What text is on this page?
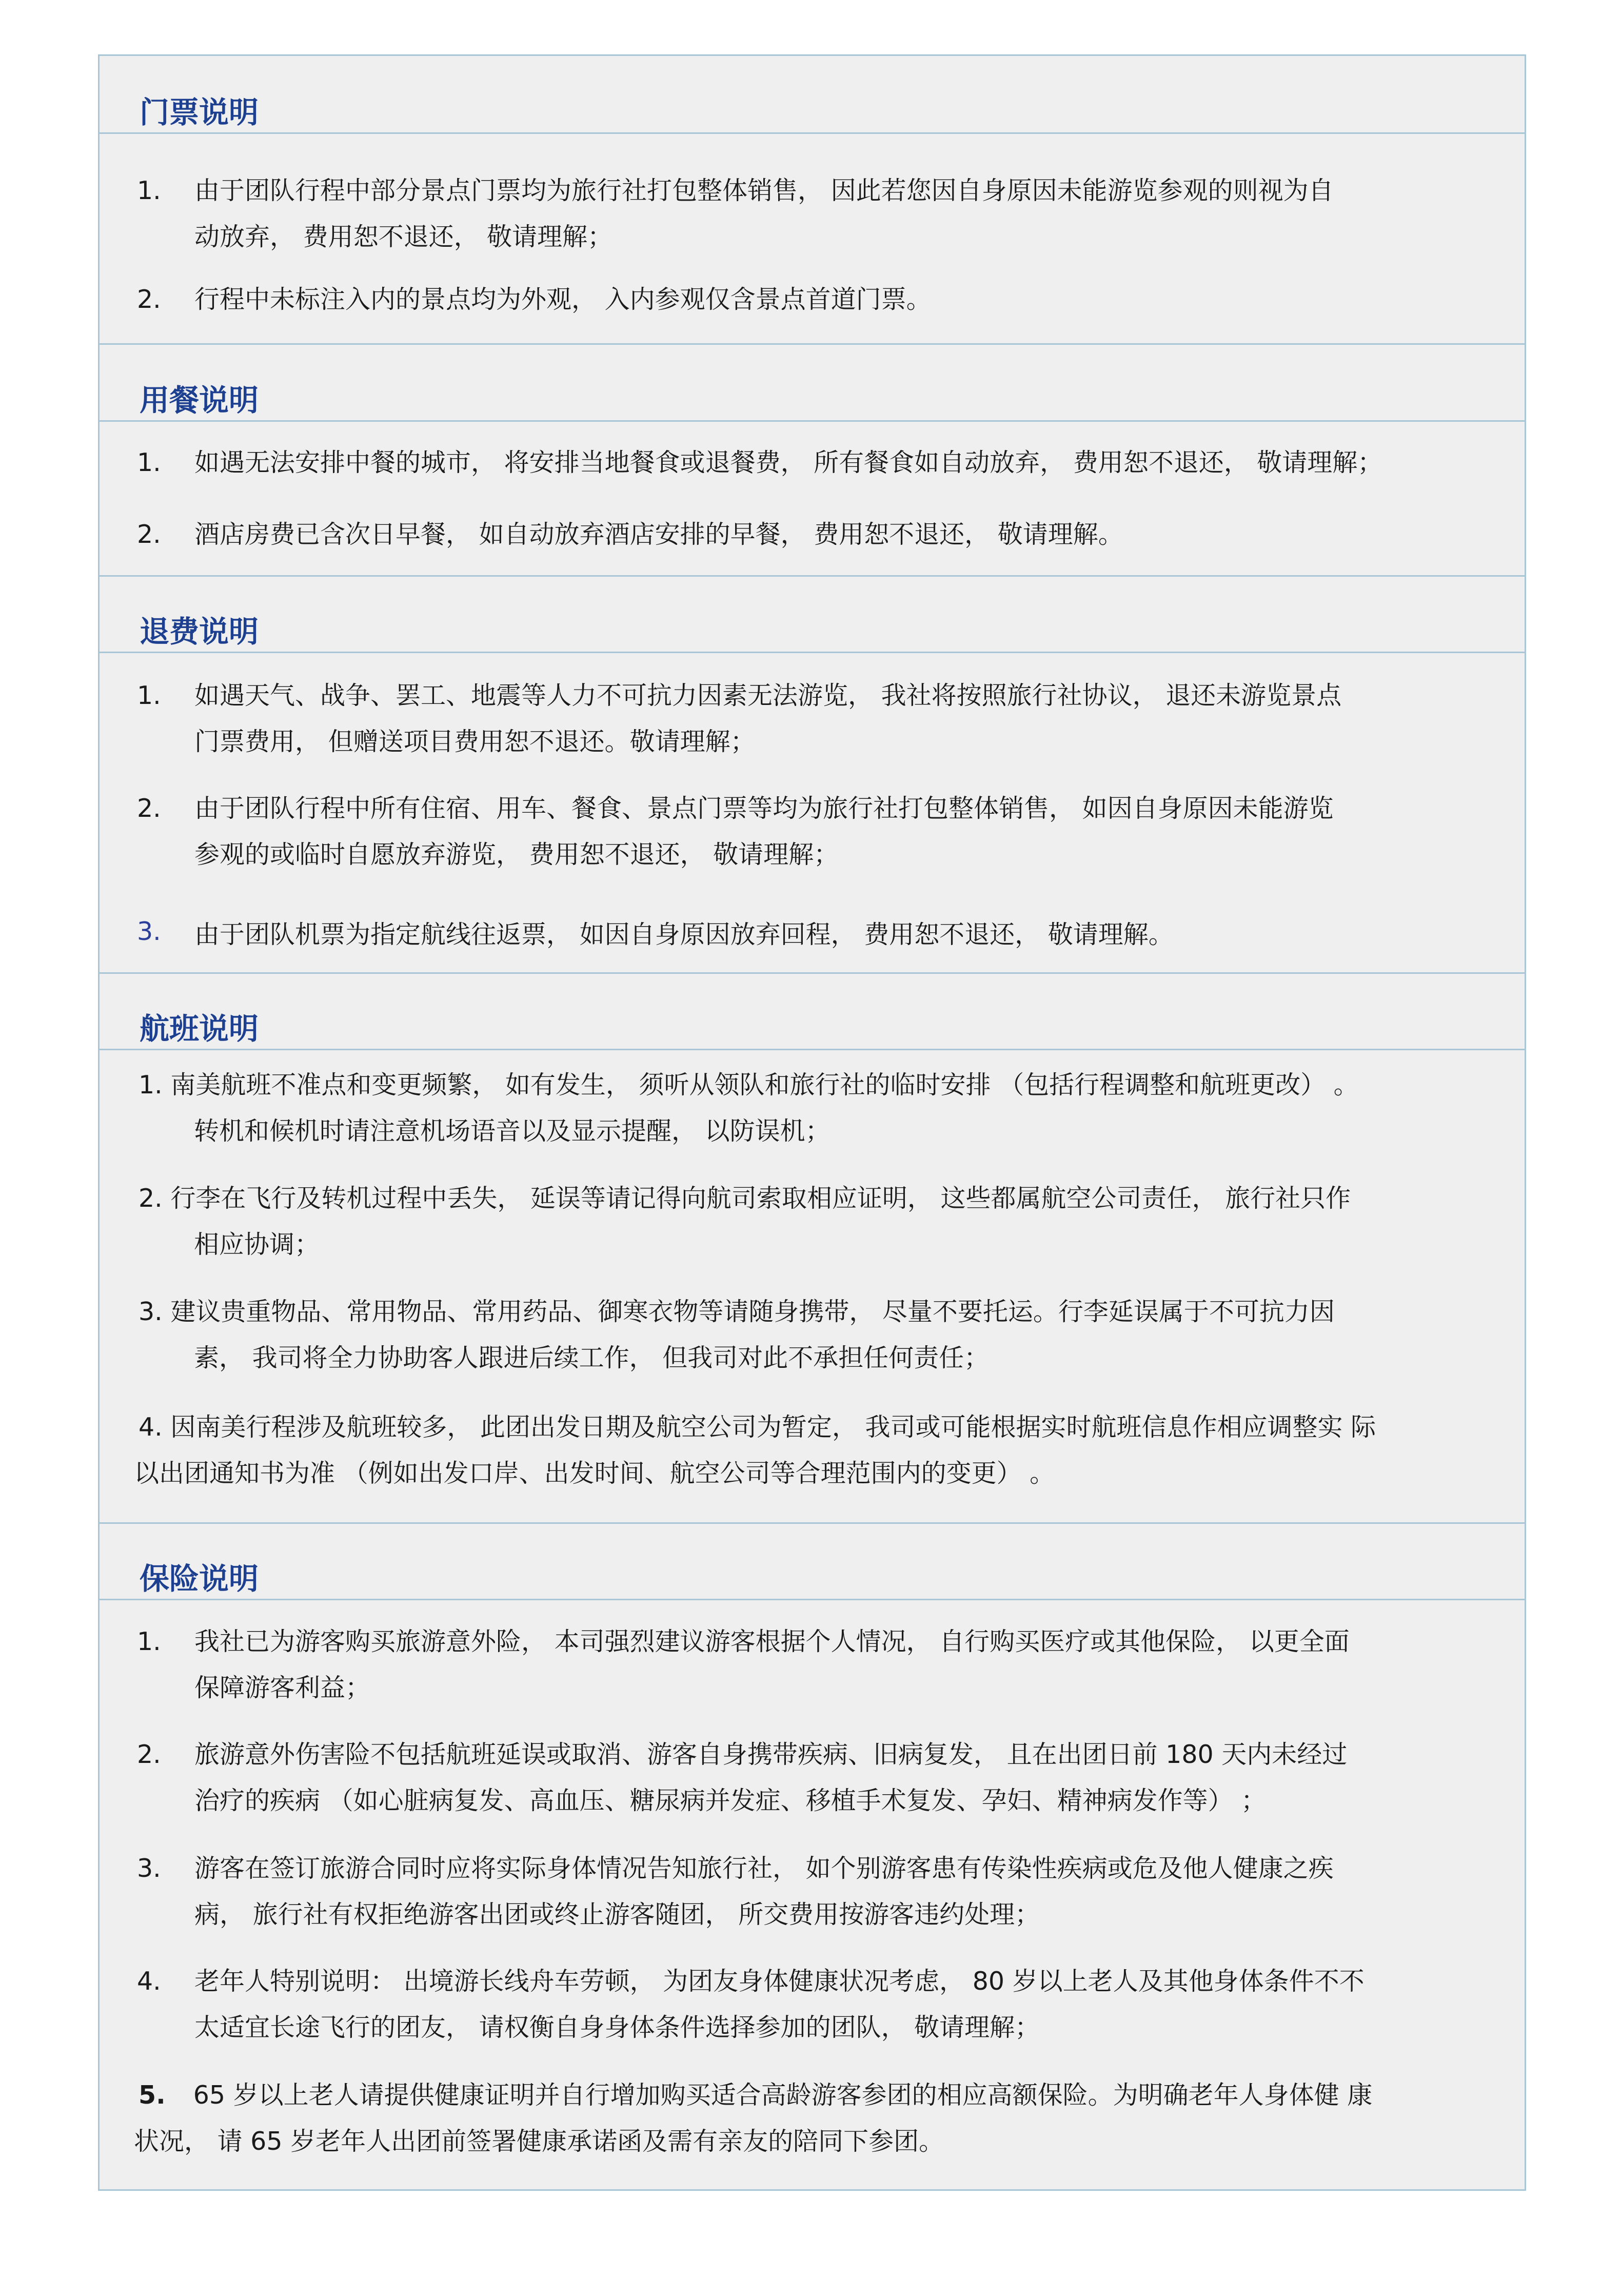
门票说明
1. 由于团队行程中部分景点门票均为旅行社打包整体销售， 因此若您因自身原因未能游览参观的则视为自
动放弃， 费用恕不退还， 敬请理解；
2. 行程中未标注入内的景点均为外观， 入内参观仅含景点首道门票。
用餐说明
1. 如遇无法安排中餐的城市， 将安排当地餐食或退餐费， 所有餐食如自动放弃， 费用恕不退还， 敬请理解；
2. 酒店房费已含次日早餐， 如自动放弃酒店安排的早餐， 费用恕不退还， 敬请理解。
退费说明
1. 如遇天气、战争、罢工、地震等人力不可抗力因素无法游览， 我社将按照旅行社协议， 退还未游览景点
门票费用， 但赠送项目费用恕不退还。敬请理解；
2. 由于团队行程中所有住宿、用车、餐食、景点门票等均为旅行社打包整体销售， 如因自身原因未能游览
参观的或临时自愿放弃游览， 费用恕不退还， 敬请理解；
3. 由于团队机票为指定航线往返票， 如因自身原因放弃回程， 费用恕不退还， 敬请理解。
航班说明
1. 南美航班不准点和变更频繁， 如有发生， 须听从领队和旅行社的临时安排 （包括行程调整和航班更改） 。
转机和候机时请注意机场语音以及显示提醒， 以防误机；
2. 行李在飞行及转机过程中丢失， 延误等请记得向航司索取相应证明， 这些都属航空公司责任， 旅行社只作
相应协调；
3. 建议贵重物品、常用物品、常用药品、御寒衣物等请随身携带， 尽量不要托运。行李延误属于不可抗力因
素， 我司将全力协助客人跟进后续工作， 但我司对此不承担任何责任；
4. 因南美行程涉及航班较多， 此团出发日期及航空公司为暂定， 我司或可能根据实时航班信息作相应调整实 际
以出团通知书为准 （例如出发口岸、出发时间、航空公司等合理范围内的变更） 。
保险说明
1. 我社已为游客购买旅游意外险， 本司强烈建议游客根据个人情况， 自行购买医疗或其他保险， 以更全面
保障游客利益；
2. 旅游意外伤害险不包括航班延误或取消、游客自身携带疾病、旧病复发， 且在出团日前 180 天内未经过
治疗的疾病 （如心脏病复发、高血压、糖尿病并发症、移植手术复发、孕妇、精神病发作等） ；
3. 游客在签订旅游合同时应将实际身体情况告知旅行社， 如个别游客患有传染性疾病或危及他人健康之疾
病， 旅行社有权拒绝游客出团或终止游客随团， 所交费用按游客违约处理；
4. 老年人特别说明： 出境游长线舟车劳顿， 为团友身体健康状况考虑， 80 岁以上老人及其他身体条件不不
太适宜长途飞行的团友， 请权衡自身身体条件选择参加的团队， 敬请理解；
5. 65 岁以上老人请提供健康证明并自行增加购买适合高龄游客参团的相应高额保险。为明确老年人身体健 康
状况， 请 65 岁老年人出团前签署健康承诺函及需有亲友的陪同下参团。
